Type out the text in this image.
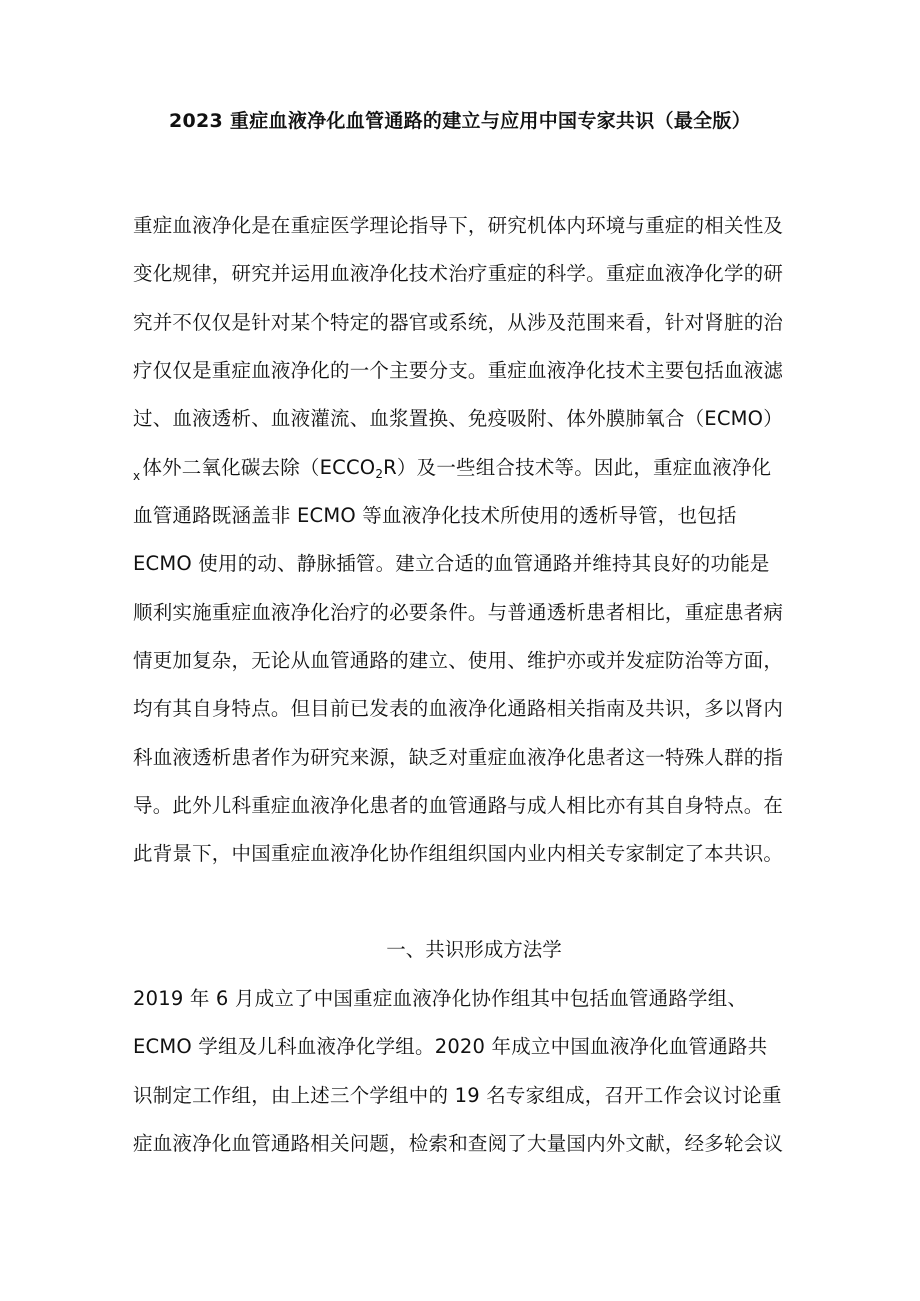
2023 重症血液净化血管通路的建立与应用中国专家共识（最全版）
重症血液净化是在重症医学理论指导下，研究机体内环境与重症的相关性及
变化规律，研究并运用血液净化技术治疗重症的科学。重症血液净化学的研
究并不仅仅是针对某个特定的器官或系统，从涉及范围来看，针对肾脏的治
疗仅仅是重症血液净化的一个主要分支。重症血液净化技术主要包括血液滤
过、血液透析、血液灌流、血浆置换、免疫吸附、体外膜肺氧合（ECMO）
$_x$ 体外二氧化碳去除$(ECCO_2R)$及一些组合技术等。因此，重症血液净化
血管通路既涵盖非 ECMO 等血液净化技术所使用的透析导管，也包括
ECMO 使用的动、静脉插管。建立合适的血管通路并维持其良好的功能是
顺利实施重症血液净化治疗的必要条件。与普通透析患者相比，重症患者病
情更加复杂，无论从血管通路的建立、使用、维护亦或并发症防治等方面，
均有其自身特点。但目前已发表的血液净化通路相关指南及共识，多以肾内
科血液透析患者作为研究来源，缺乏对重症血液净化患者这一特殊人群的指
导。此外儿科重症血液净化患者的血管通路与成人相比亦有其自身特点。在
此背景下，中国重症血液净化协作组组织国内业内相关专家制定了本共识。
一、共识形成方法学
2019 年 6 月成立了中国重症血液净化协作组其中包括血管通路学组、
ECMO 学组及儿科血液净化学组。2020 年成立中国血液净化血管通路共
识制定工作组，由上述三个学组中的 19 名专家组成，召开工作会议讨论重
症血液净化血管通路相关问题，检索和查阅了大量国内外文献，经多轮会议
